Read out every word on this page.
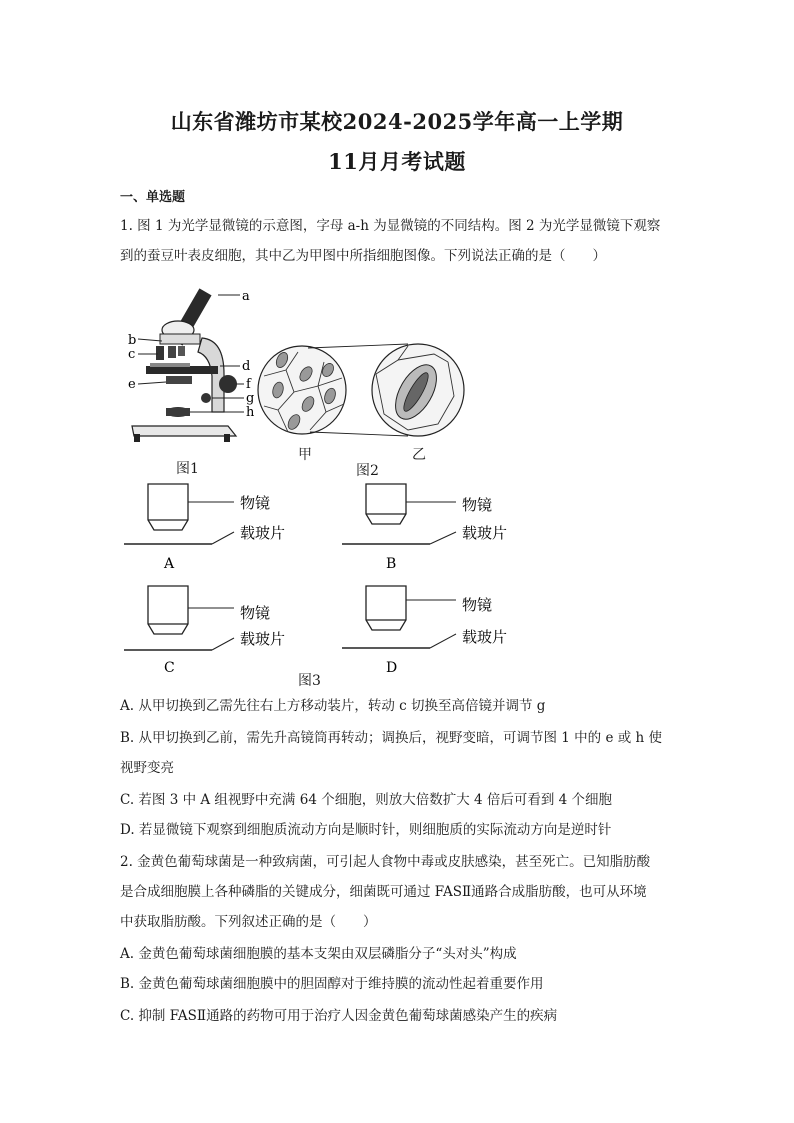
山东省潍坊市某校2024-2025学年高一上学期
11月月考试题
一、单选题
1. 图 1 为光学显微镜的示意图，字母 a-h 为显微镜的不同结构。图 2 为光学显微镜下观察
到的蚕豆叶表皮细胞，其中乙为甲图中所指细胞图像。下列说法正确的是（　　）
a
b
c
d
e	f
g
h
图1
甲	乙
图2
物镜
载玻片
A
物镜
载玻片
B
物镜
载玻片
C
物镜
载玻片
D
图3
A. 从甲切换到乙需先往右上方移动装片，转动 c 切换至高倍镜并调节 g
B. 从甲切换到乙前，需先升高镜筒再转动；调换后，视野变暗，可调节图 1 中的 e 或 h 使
视野变亮
C. 若图 3 中 A 组视野中充满 64 个细胞，则放大倍数扩大 4 倍后可看到 4 个细胞
D. 若显微镜下观察到细胞质流动方向是顺时针，则细胞质的实际流动方向是逆时针
2. 金黄色葡萄球菌是一种致病菌，可引起人食物中毒或皮肤感染，甚至死亡。已知脂肪酸
是合成细胞膜上各种磷脂的关键成分，细菌既可通过 FASⅡ通路合成脂肪酸，也可从环境
中获取脂肪酸。下列叙述正确的是（　　）
A. 金黄色葡萄球菌细胞膜的基本支架由双层磷脂分子“头对头”构成
B. 金黄色葡萄球菌细胞膜中的胆固醇对于维持膜的流动性起着重要作用
C. 抑制 FASⅡ通路的药物可用于治疗人因金黄色葡萄球菌感染产生的疾病
